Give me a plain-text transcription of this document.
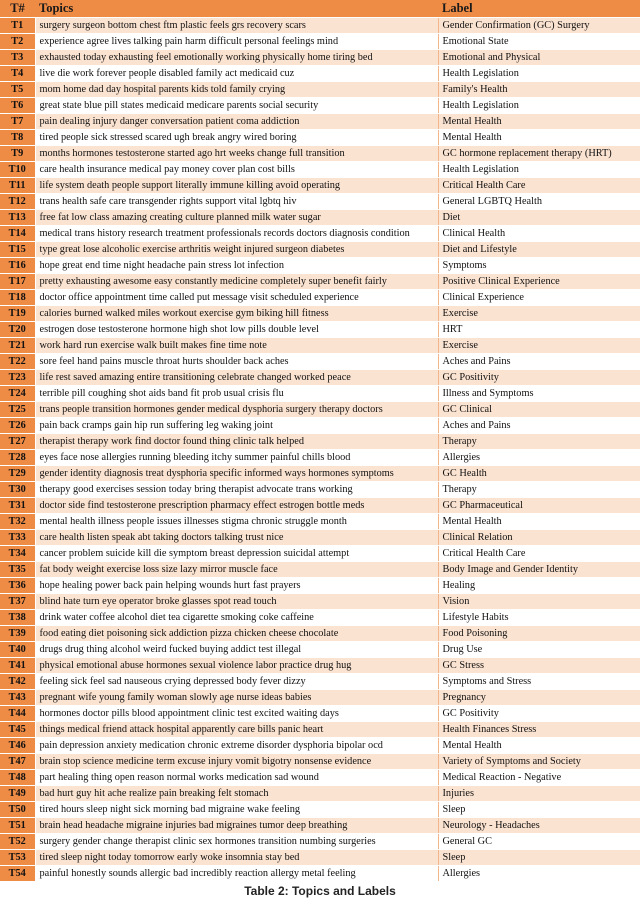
T#	Topics	Label
T1	surgery surgeon bottom chest ftm plastic feels grs recovery scars	Gender Confirmation (GC) Surgery
T2	experience agree lives talking pain harm difficult personal feelings mind	Emotional State
T3	exhausted today exhausting feel emotionally working physically home tiring bed	Emotional and Physical
T4	live die work forever people disabled family act medicaid cuz	Health Legislation
T5	mom home dad day hospital parents kids told family crying	Family's Health
T6	great state blue pill states medicaid medicare parents social security	Health Legislation
T7	pain dealing injury danger conversation patient coma addiction	Mental Health
T8	tired people sick stressed scared ugh break angry wired boring	Mental Health
T9	months hormones testosterone started ago hrt weeks change full transition	GC hormone replacement therapy (HRT)
T10	care health insurance medical pay money cover plan cost bills	Health Legislation
T11	life system death people support literally immune killing avoid operating	Critical Health Care
T12	trans health safe care transgender rights support vital lgbtq hiv	General LGBTQ Health
T13	free fat low class amazing creating culture planned milk water sugar	Diet
T14	medical trans history research treatment professionals records doctors diagnosis condition	Clinical Health
T15	type great lose alcoholic exercise arthritis weight injured surgeon diabetes	Diet and Lifestyle
T16	hope great end time night headache pain stress lot infection	Symptoms
T17	pretty exhausting awesome easy constantly medicine completely super benefit fairly	Positive Clinical Experience
T18	doctor office appointment time called put message visit scheduled experience	Clinical Experience
T19	calories burned walked miles workout exercise gym biking hill fitness	Exercise
T20	estrogen dose testosterone hormone high shot low pills double level	HRT
T21	work hard run exercise walk built makes fine time note	Exercise
T22	sore feel hand pains muscle throat hurts shoulder back aches	Aches and Pains
T23	life rest saved amazing entire transitioning celebrate changed worked peace	GC Positivity
T24	terrible pill coughing shot aids band fit prob usual crisis flu	Illness and Symptoms
T25	trans people transition hormones gender medical dysphoria surgery therapy doctors	GC Clinical
T26	pain back cramps gain hip run suffering leg waking joint	Aches and Pains
T27	therapist therapy work find doctor found thing clinic talk helped	Therapy
T28	eyes face nose allergies running bleeding itchy summer painful chills blood	Allergies
T29	gender identity diagnosis treat dysphoria specific informed ways hormones symptoms	GC Health
T30	therapy good exercises session today bring therapist advocate trans working	Therapy
T31	doctor side find testosterone prescription pharmacy effect estrogen bottle meds	GC Pharmaceutical
T32	mental health illness people issues illnesses stigma chronic struggle month	Mental Health
T33	care health listen speak abt taking doctors talking trust nice	Clinical Relation
T34	cancer problem suicide kill die symptom breast depression suicidal attempt	Critical Health Care
T35	fat body weight exercise loss size lazy mirror muscle face	Body Image and Gender Identity
T36	hope healing power back pain helping wounds hurt fast prayers	Healing
T37	blind hate turn eye operator broke glasses spot read touch	Vision
T38	drink water coffee alcohol diet tea cigarette smoking coke caffeine	Lifestyle Habits
T39	food eating diet poisoning sick addiction pizza chicken cheese chocolate	Food Poisoning
T40	drugs drug thing alcohol weird fucked buying addict test illegal	Drug Use
T41	physical emotional abuse hormones sexual violence labor practice drug hug	GC Stress
T42	feeling sick feel sad nauseous crying depressed body fever dizzy	Symptoms and Stress
T43	pregnant wife young family woman slowly age nurse ideas babies	Pregnancy
T44	hormones doctor pills blood appointment clinic test excited waiting days	GC Positivity
T45	things medical friend attack hospital apparently care bills panic heart	Health Finances Stress
T46	pain depression anxiety medication chronic extreme disorder dysphoria bipolar ocd	Mental Health
T47	brain stop science medicine term excuse injury vomit bigotry nonsense evidence	Variety of Symptoms and Society
T48	part healing thing open reason normal works medication sad wound	Medical Reaction - Negative
T49	bad hurt guy hit ache realize pain breaking felt stomach	Injuries
T50	tired hours sleep night sick morning bad migraine wake feeling	Sleep
T51	brain head headache migraine injuries bad migraines tumor deep breathing	Neurology - Headaches
T52	surgery gender change therapist clinic sex hormones transition numbing surgeries	General GC
T53	tired sleep night today tomorrow early woke insomnia stay bed	Sleep
T54	painful honestly sounds allergic bad incredibly reaction allergy metal feeling	Allergies
Table 2: Topics and Labels
